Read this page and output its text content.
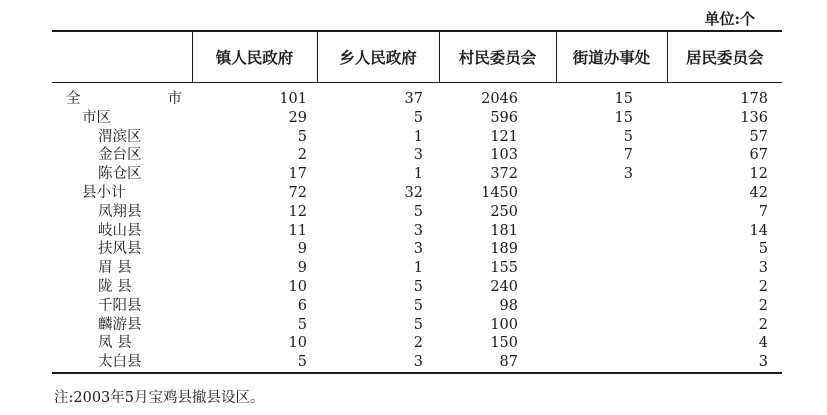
单位:个
	镇人民政府	乡人民政府	村民委员会	街道办事处	居民委员会
全 市	101	37	2046	15	178
市区	29	5	596	15	136
渭滨区	5	1	121	5	57
金台区	2	3	103	7	67
陈仓区	17	1	372	3	12
县小计	72	32	1450		42
凤翔县	12	5	250		7
岐山县	11	3	181		14
扶风县	9	3	189		5
眉 县	9	1	155		3
陇 县	10	5	240		2
千阳县	6	5	98		2
麟游县	5	5	100		2
凤 县	10	2	150		4
太白县	5	3	87		3
注:2003年5月宝鸡县撤县设区。
